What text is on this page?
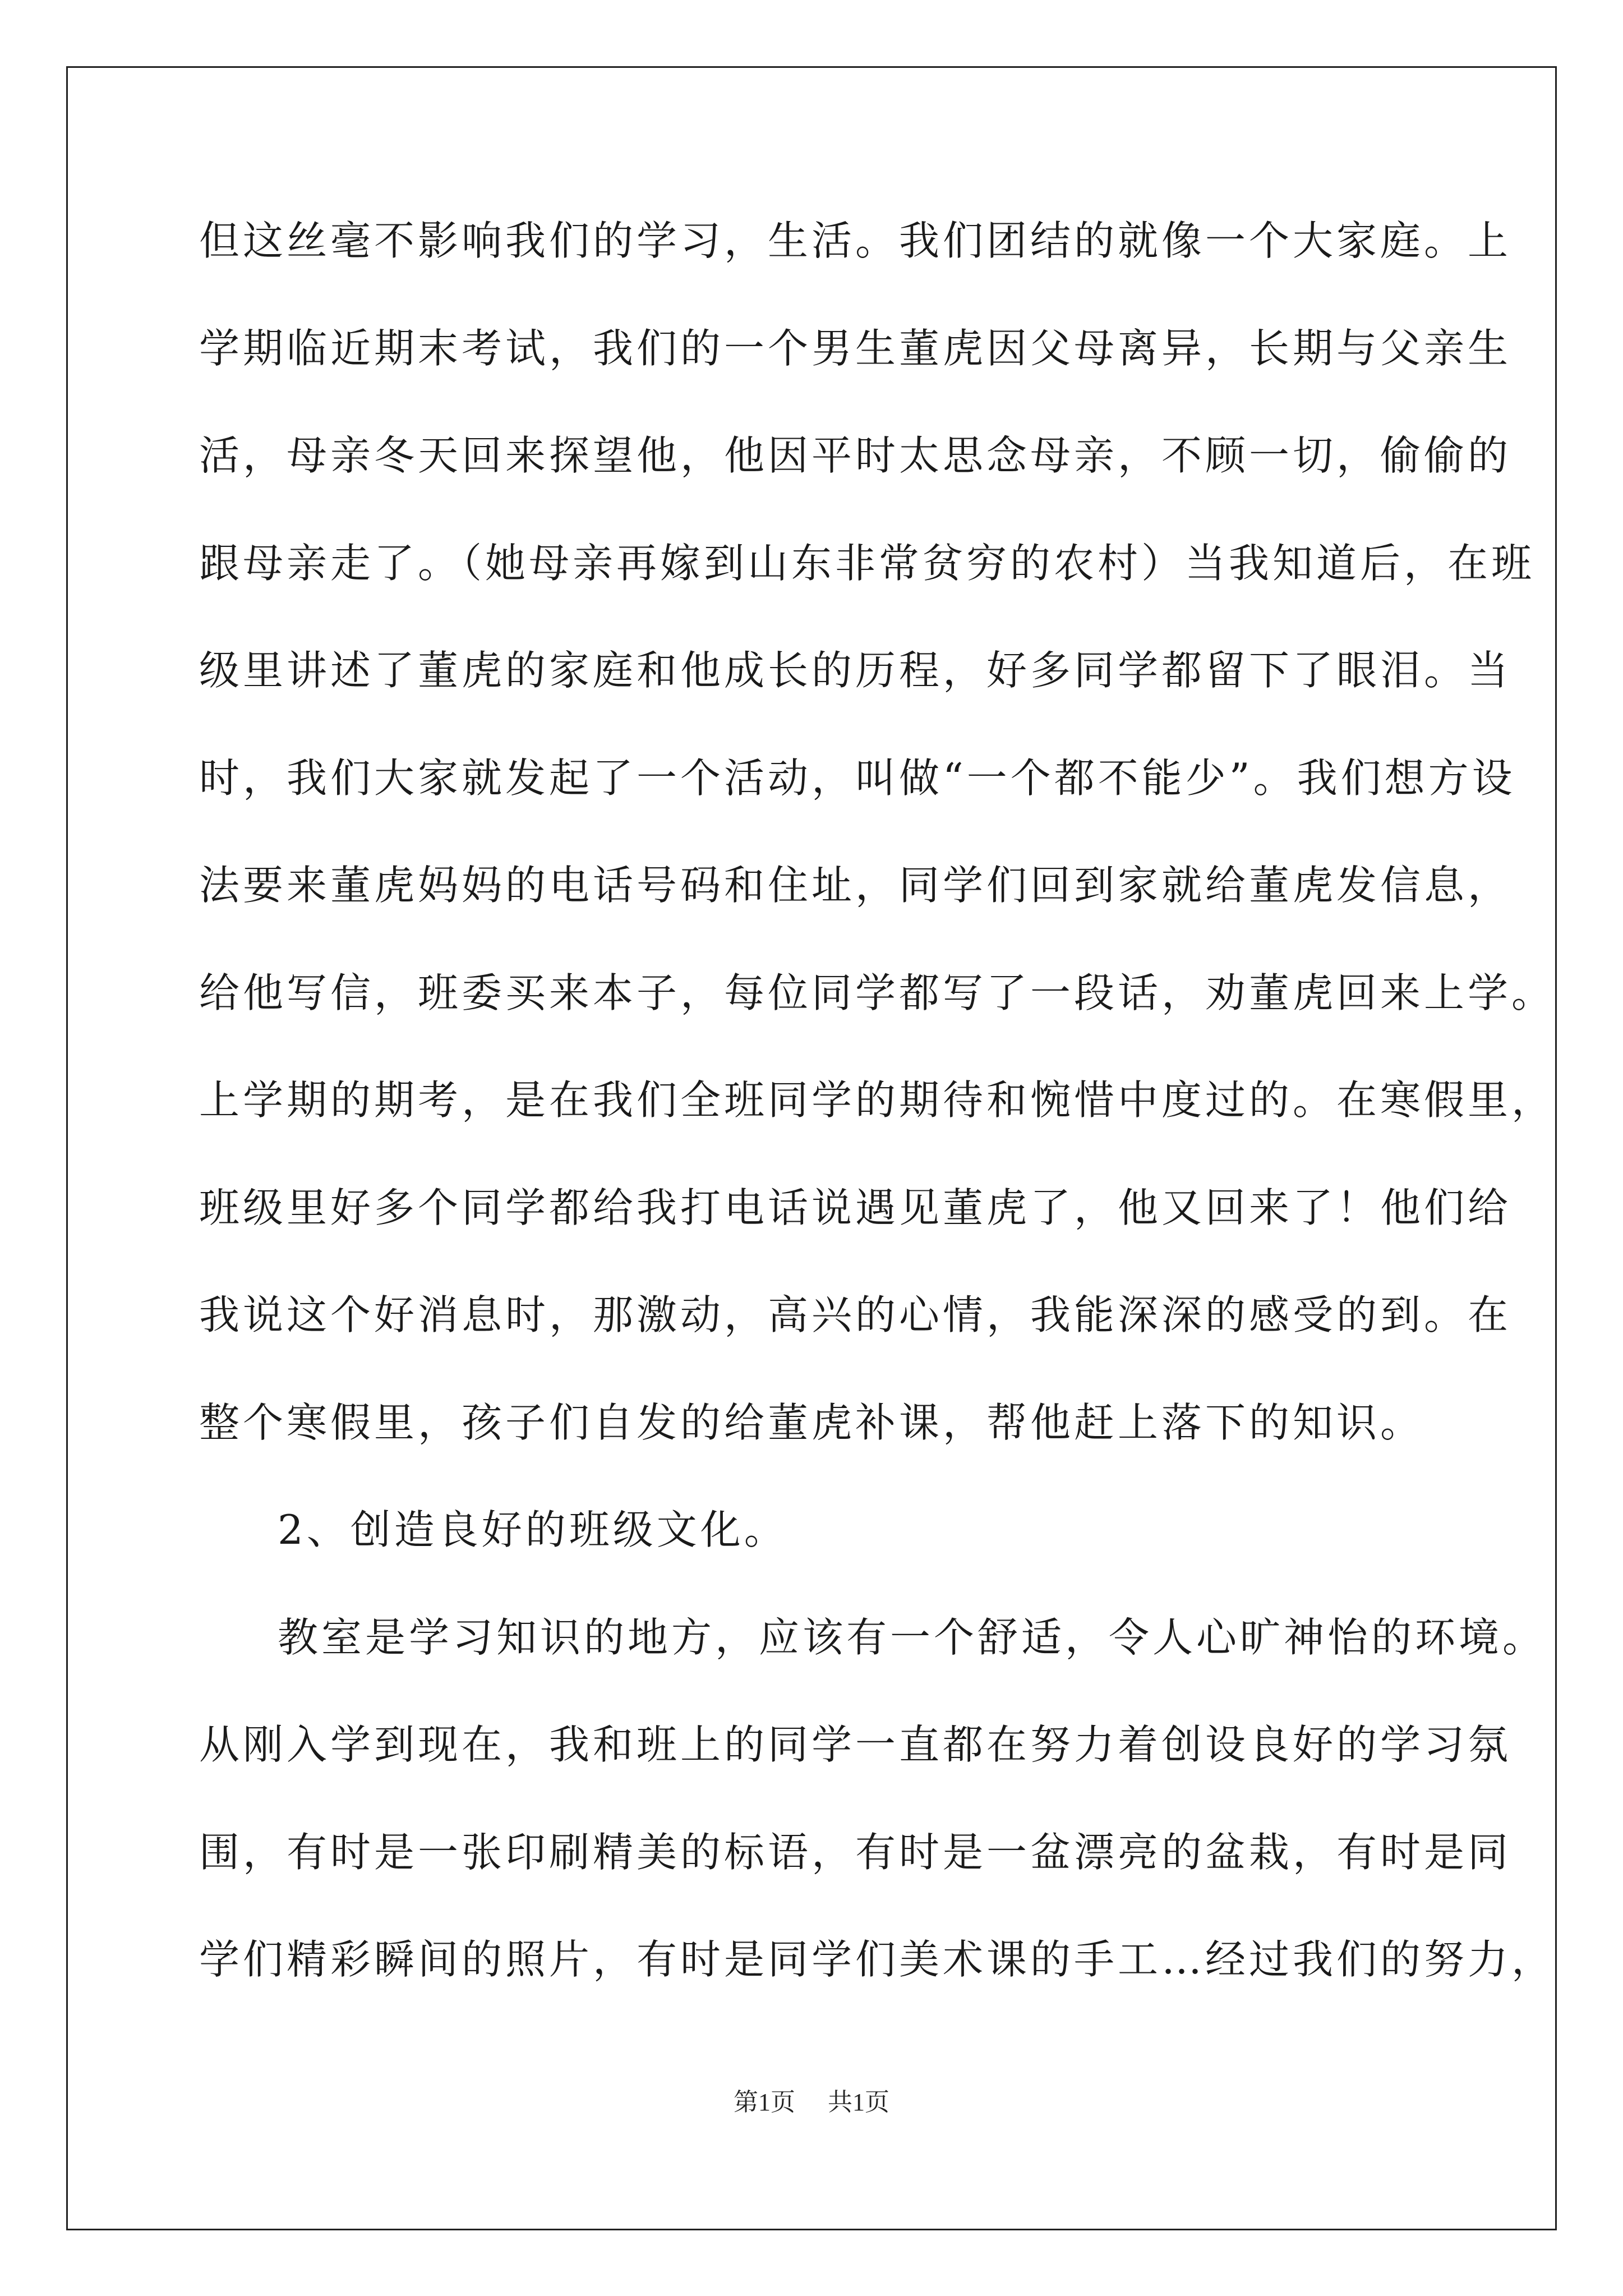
但这丝毫不影响我们的学习，生活。我们团结的就像一个大家庭。上
学期临近期末考试，我们的一个男生董虎因父母离异，长期与父亲生
活，母亲冬天回来探望他，他因平时太思念母亲，不顾一切，偷偷的
跟母亲走了。（她母亲再嫁到山东非常贫穷的农村）当我知道后，在班
级里讲述了董虎的家庭和他成长的历程，好多同学都留下了眼泪。当
时，我们大家就发起了一个活动，叫做“一个都不能少”。我们想方设
法要来董虎妈妈的电话号码和住址，同学们回到家就给董虎发信息，
给他写信，班委买来本子，每位同学都写了一段话，劝董虎回来上学。
上学期的期考，是在我们全班同学的期待和惋惜中度过的。在寒假里，
班级里好多个同学都给我打电话说遇见董虎了，他又回来了！他们给
我说这个好消息时，那激动，高兴的心情，我能深深的感受的到。在
整个寒假里，孩子们自发的给董虎补课，帮他赶上落下的知识。
2、创造良好的班级文化。
教室是学习知识的地方，应该有一个舒适，令人心旷神怡的环境。
从刚入学到现在，我和班上的同学一直都在努力着创设良好的学习氛
围，有时是一张印刷精美的标语，有时是一盆漂亮的盆栽，有时是同
学们精彩瞬间的照片，有时是同学们美术课的手工…经过我们的努力，
第1页 共1页
